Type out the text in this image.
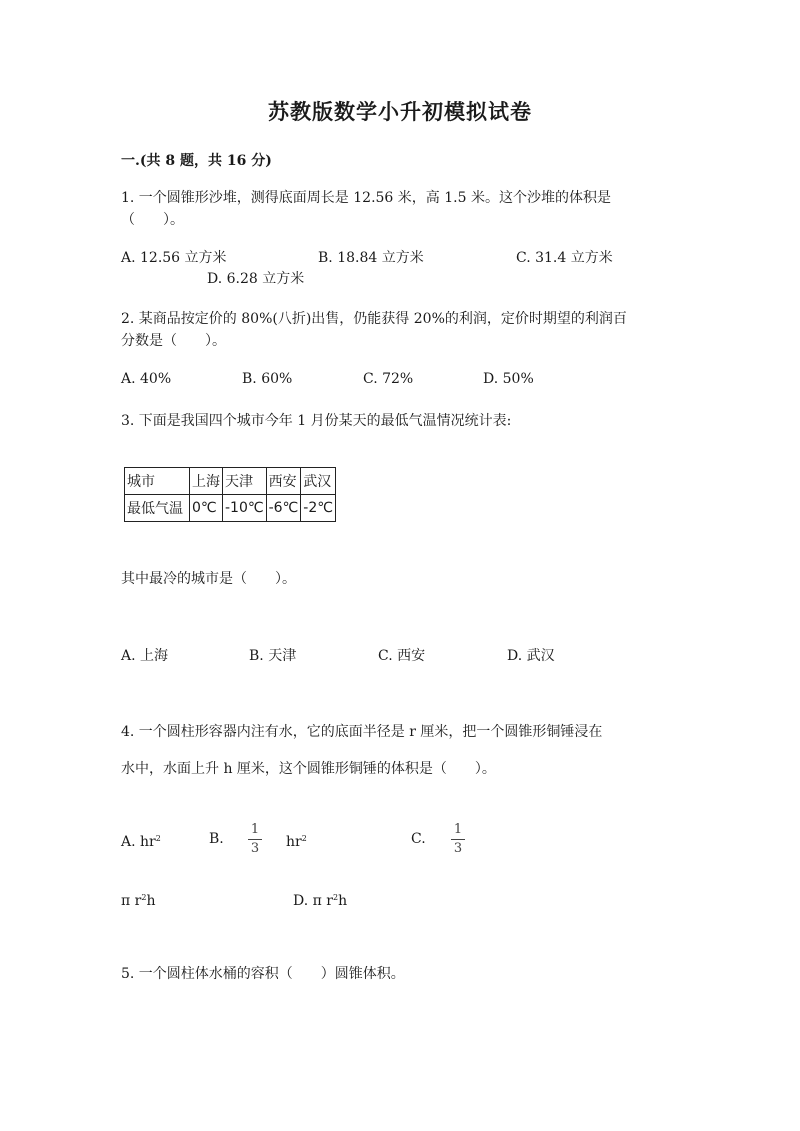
苏教版数学小升初模拟试卷
一.(共 8 题，共 16 分)
1. 一个圆锥形沙堆，测得底面周长是 12.56 米，高 1.5 米。这个沙堆的体积是
（　　）。
A. 12.56 立方米	B. 18.84 立方米	C. 31.4 立方米
D. 6.28 立方米
2. 某商品按定价的 80%(八折)出售，仍能获得 20%的利润，定价时期望的利润百
分数是（　　）。
A. 40%	B. 60%	C. 72%	D. 50%
3. 下面是我国四个城市今年 1 月份某天的最低气温情况统计表:
城市	上海	天津	西安	武汉
最低气温	0℃	-10℃	-6℃	-2℃
其中最冷的城市是（　　）。
A. 上海	B. 天津	C. 西安	D. 武汉
4. 一个圆柱形容器内注有水，它的底面半径是 r 厘米，把一个圆锥形铜锤浸在
水中，水面上升 h 厘米，这个圆锥形铜锤的体积是（　　）。
A. $hr^2$	B.
1
3 $hr^2$	C.
1
3
π $r^2h$	D. π $r^2h$
5. 一个圆柱体水桶的容积（　　）圆锥体积。
